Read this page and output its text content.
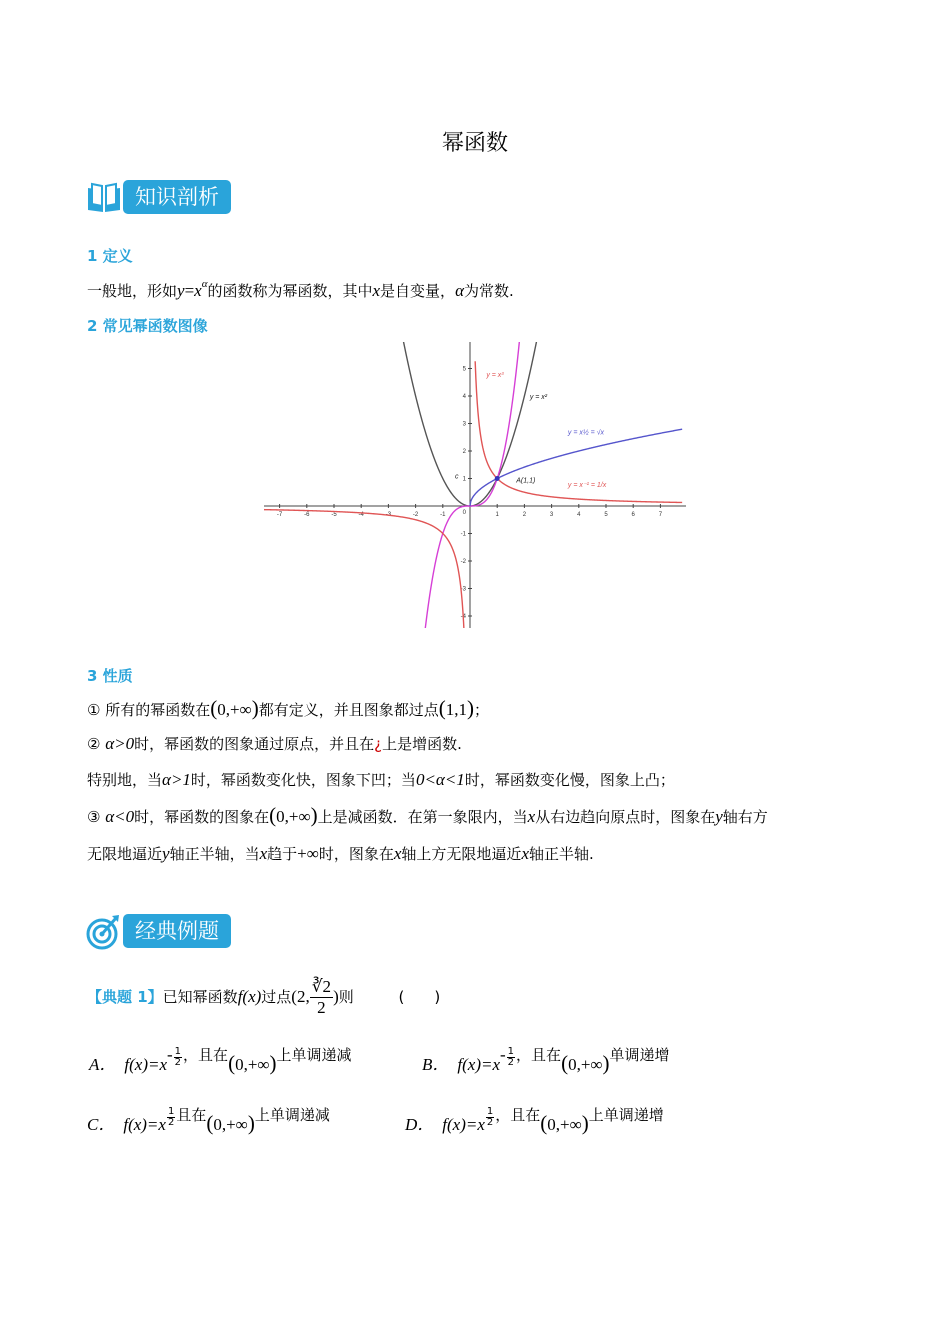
幂函数
知识剖析
1 定义
一般地，形如$y=x^\alpha$的函数称为幂函数，其中x是自变量，α为常数.
2 常见幂函数图像
-7	-6	-5	-4	-3	-2	-1	1	2	3	4	5	6	7
5
4
3
2
1
-1
-2
-3
-4
0
y = x³
y = x²
y = x½ = √x
y = x⁻¹ = 1/x
A(1,1)
c
3 性质
① 所有的幂函数在(0,+∞)都有定义，并且图象都过点(1,1)；
② α>0时，幂函数的图象通过原点，并且在¿上是增函数.
特别地，当α>1时，幂函数变化快，图象下凹；当0<α<1时，幂函数变化慢，图象上凸；
③ α<0时，幂函数的图象在(0,+∞)上是减函数．在第一象限内，当x从右边趋向原点时，图象在y轴右方
无限地逼近y轴正半轴，当x趋于+∞时，图象在x轴上方无限地逼近x轴正半轴.
经典例题
【典题 1】已知幂函数f(x)过点(2, $\frac{∛2}{2}$)则	(　　)
A． $f(x)=x^{- \frac{1}{2}}$ ，且在(0,+∞)上单调递减	B． $f(x)=x^{- \frac{1}{2}}$ ，且在(0,+∞)单调递增
C． f(x)=x $^{\frac{1}{2}}$ 且在(0,+∞)上单调递减	D． f(x)=x $^{\frac{1}{2}}$ ，且在(0,+∞)上单调递增
